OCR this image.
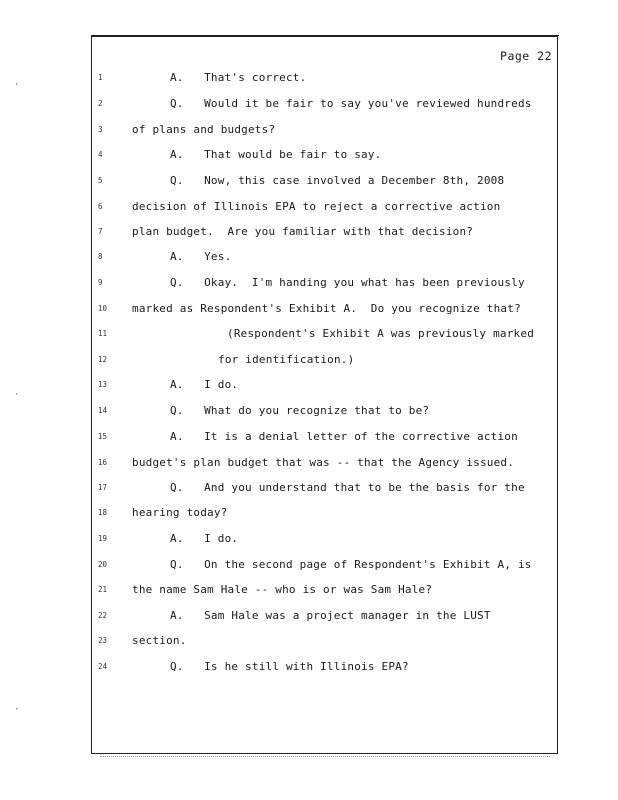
Page 22
1	A.   That's correct.
2	Q.   Would it be fair to say you've reviewed hundreds
3	of plans and budgets?
4	A.   That would be fair to say.
5	Q.   Now, this case involved a December 8th, 2008
6	decision of Illinois EPA to reject a corrective action
7	plan budget.  Are you familiar with that decision?
8	A.   Yes.
9	Q.   Okay.  I'm handing you what has been previously
10	marked as Respondent's Exhibit A.  Do you recognize that?
11	(Respondent's Exhibit A was previously marked
12	for identification.)
13	A.   I do.
14	Q.   What do you recognize that to be?
15	A.   It is a denial letter of the corrective action
16	budget's plan budget that was -- that the Agency issued.
17	Q.   And you understand that to be the basis for the
18	hearing today?
19	A.   I do.
20	Q.   On the second page of Respondent's Exhibit A, is
21	the name Sam Hale -- who is or was Sam Hale?
22	A.   Sam Hale was a project manager in the LUST
23	section.
24	Q.   Is he still with Illinois EPA?
·
·
·
